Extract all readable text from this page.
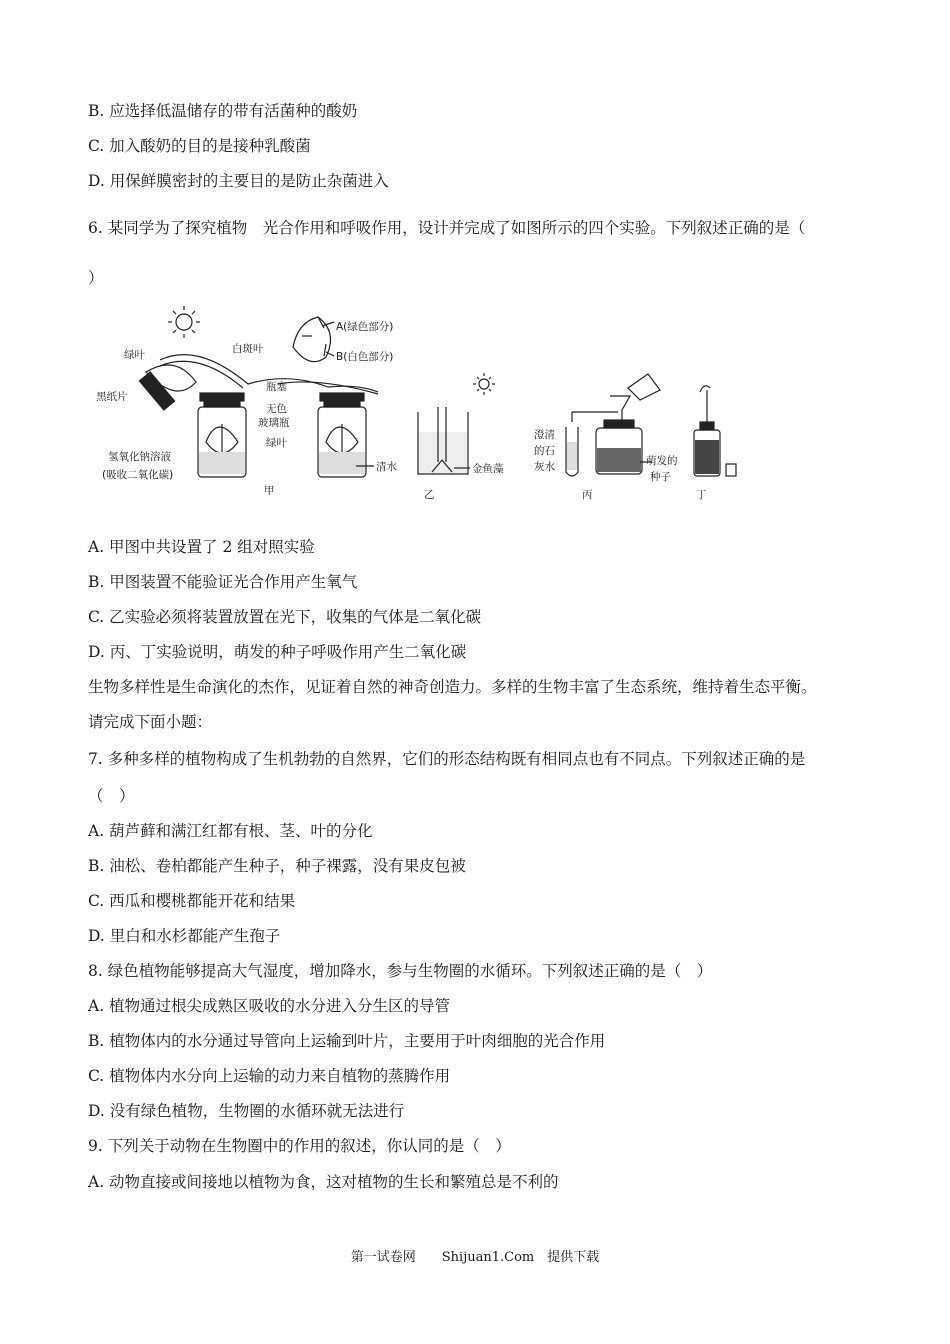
B. 应选择低温储存的带有活菌种的酸奶
C. 加入酸奶的目的是接种乳酸菌
D. 用保鲜膜密封的主要目的是防止杂菌进入
6. 某同学为了探究植物　光合作用和呼吸作用，设计并完成了如图所示的四个实验。下列叙述正确的是（
）
绿叶
黑纸片
白斑叶
A(绿色部分)
B(白色部分)
瓶塞
无色
玻璃瓶
绿叶
氢氧化钠溶液
(吸收二氧化碳)
清水	金鱼藻
澄清
的石
灰水	萌发的
种子
甲	乙	丙	丁
A. 甲图中共设置了 2 组对照实验
B. 甲图装置不能验证光合作用产生氧气
C. 乙实验必须将装置放置在光下，收集的气体是二氧化碳
D. 丙、丁实验说明，萌发的种子呼吸作用产生二氧化碳
生物多样性是生命演化的杰作，见证着自然的神奇创造力。多样的生物丰富了生态系统，维持着生态平衡。
请完成下面小题：
7. 多种多样的植物构成了生机勃勃的自然界，它们的形态结构既有相同点也有不同点。下列叙述正确的是
（　）
A. 葫芦藓和满江红都有根、茎、叶的分化
B. 油松、卷柏都能产生种子，种子裸露，没有果皮包被
C. 西瓜和樱桃都能开花和结果
D. 里白和水杉都能产生孢子
8. 绿色植物能够提高大气湿度，增加降水，参与生物圈的水循环。下列叙述正确的是（　）
A. 植物通过根尖成熟区吸收的水分进入分生区的导管
B. 植物体内的水分通过导管向上运输到叶片，主要用于叶肉细胞的光合作用
C. 植物体内水分向上运输的动力来自植物的蒸腾作用
D. 没有绿色植物，生物圈的水循环就无法进行
9. 下列关于动物在生物圈中的作用的叙述，你认同的是（　）
A. 动物直接或间接地以植物为食，这对植物的生长和繁殖总是不利的
第一试卷网　　Shijuan1.Com　提供下载
